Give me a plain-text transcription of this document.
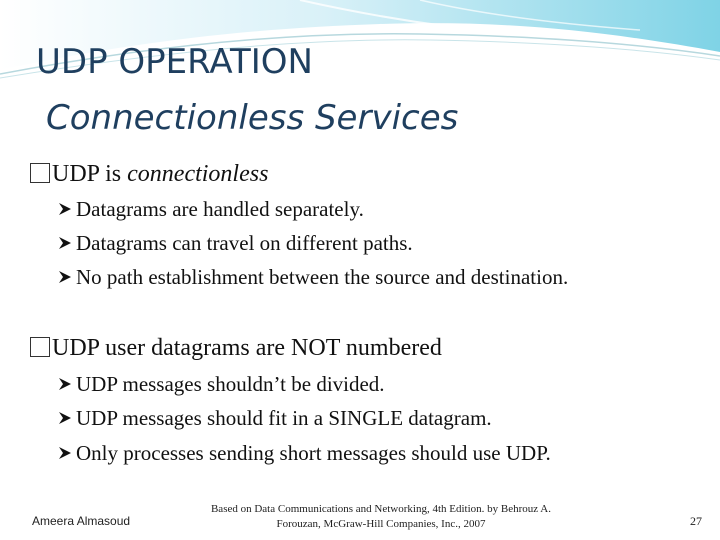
UDP OPERATION
Connectionless Services
UDP is connectionless
Datagrams are handled separately.
Datagrams can travel on different paths.
No path establishment between the source and destination.
UDP user datagrams are NOT numbered
UDP messages shouldn’t be divided.
UDP messages should fit in a SINGLE datagram.
Only processes sending short messages should use UDP.
Ameera Almasoud
Based on Data Communications and Networking, 4th Edition. by Behrouz A.
Forouzan, McGraw-Hill Companies, Inc., 2007	27
